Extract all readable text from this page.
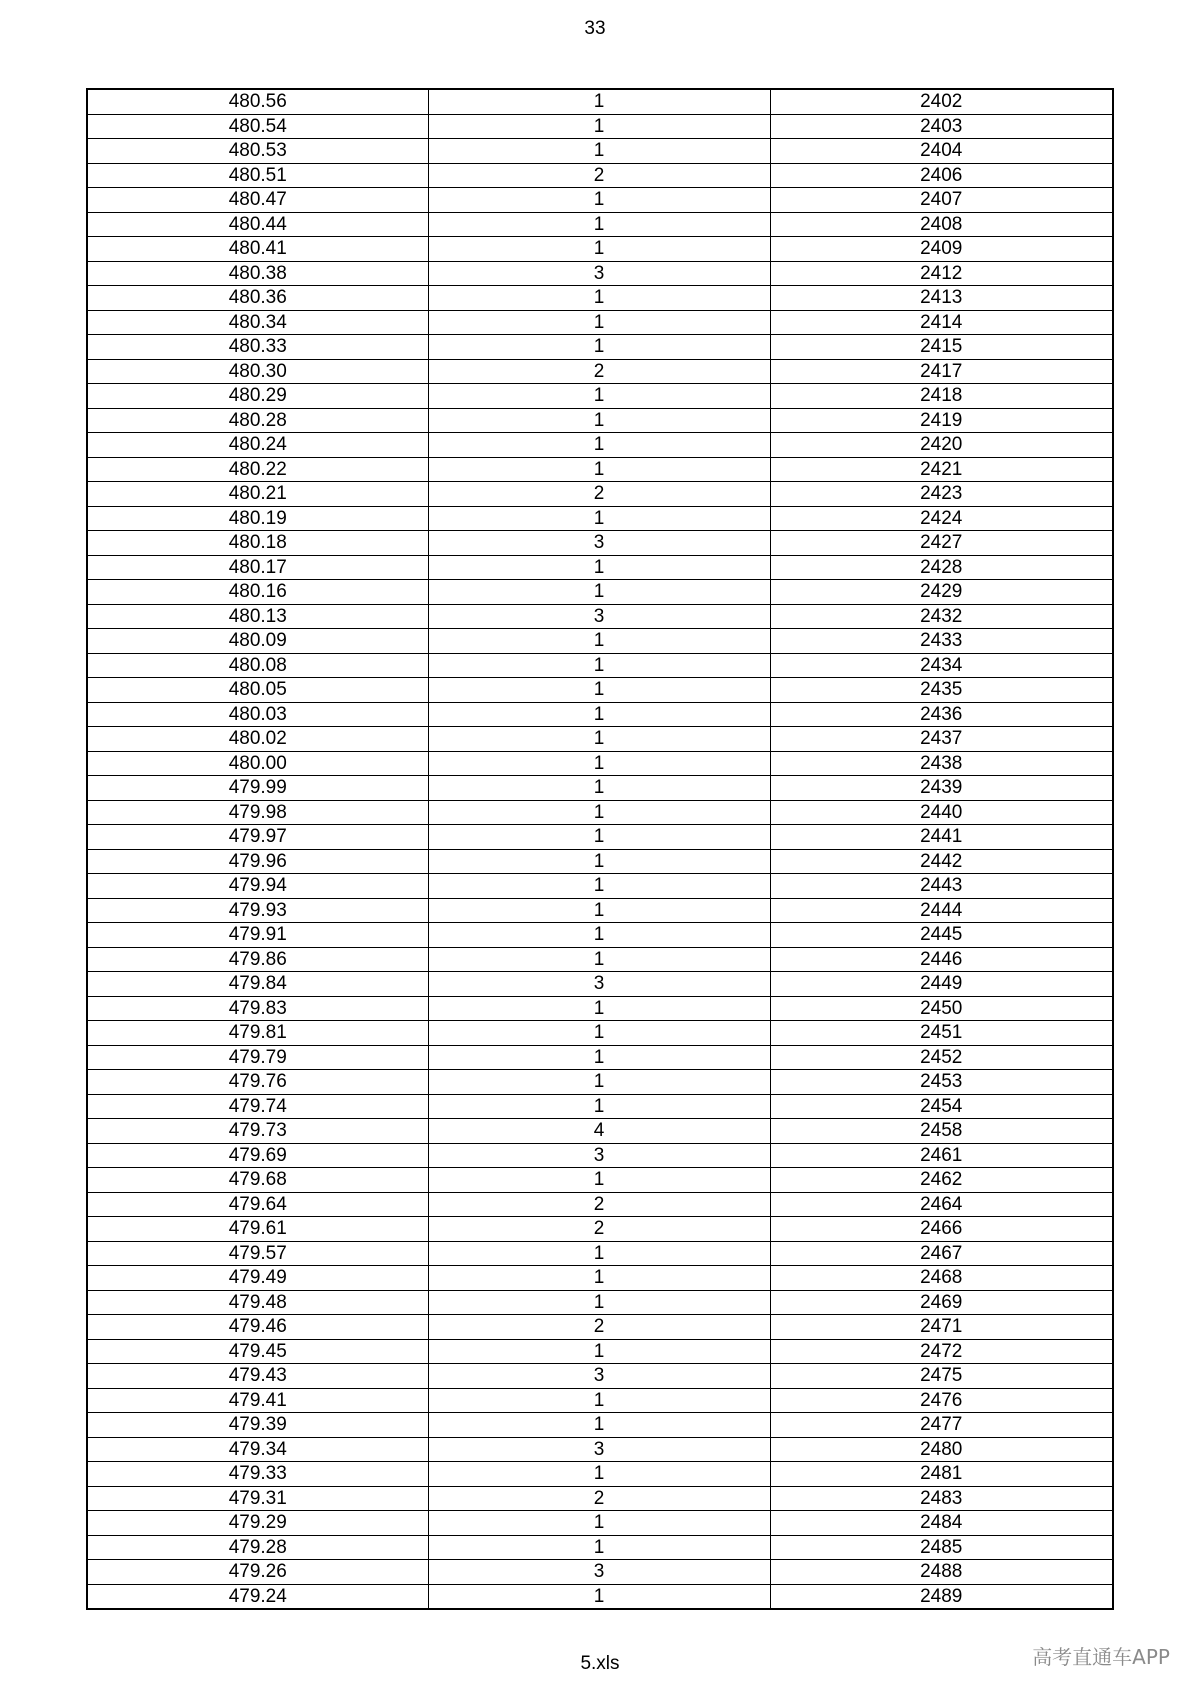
33
480.56	1	2402
480.54	1	2403
480.53	1	2404
480.51	2	2406
480.47	1	2407
480.44	1	2408
480.41	1	2409
480.38	3	2412
480.36	1	2413
480.34	1	2414
480.33	1	2415
480.30	2	2417
480.29	1	2418
480.28	1	2419
480.24	1	2420
480.22	1	2421
480.21	2	2423
480.19	1	2424
480.18	3	2427
480.17	1	2428
480.16	1	2429
480.13	3	2432
480.09	1	2433
480.08	1	2434
480.05	1	2435
480.03	1	2436
480.02	1	2437
480.00	1	2438
479.99	1	2439
479.98	1	2440
479.97	1	2441
479.96	1	2442
479.94	1	2443
479.93	1	2444
479.91	1	2445
479.86	1	2446
479.84	3	2449
479.83	1	2450
479.81	1	2451
479.79	1	2452
479.76	1	2453
479.74	1	2454
479.73	4	2458
479.69	3	2461
479.68	1	2462
479.64	2	2464
479.61	2	2466
479.57	1	2467
479.49	1	2468
479.48	1	2469
479.46	2	2471
479.45	1	2472
479.43	3	2475
479.41	1	2476
479.39	1	2477
479.34	3	2480
479.33	1	2481
479.31	2	2483
479.29	1	2484
479.28	1	2485
479.26	3	2488
479.24	1	2489
5.xls	高考直通车APP
